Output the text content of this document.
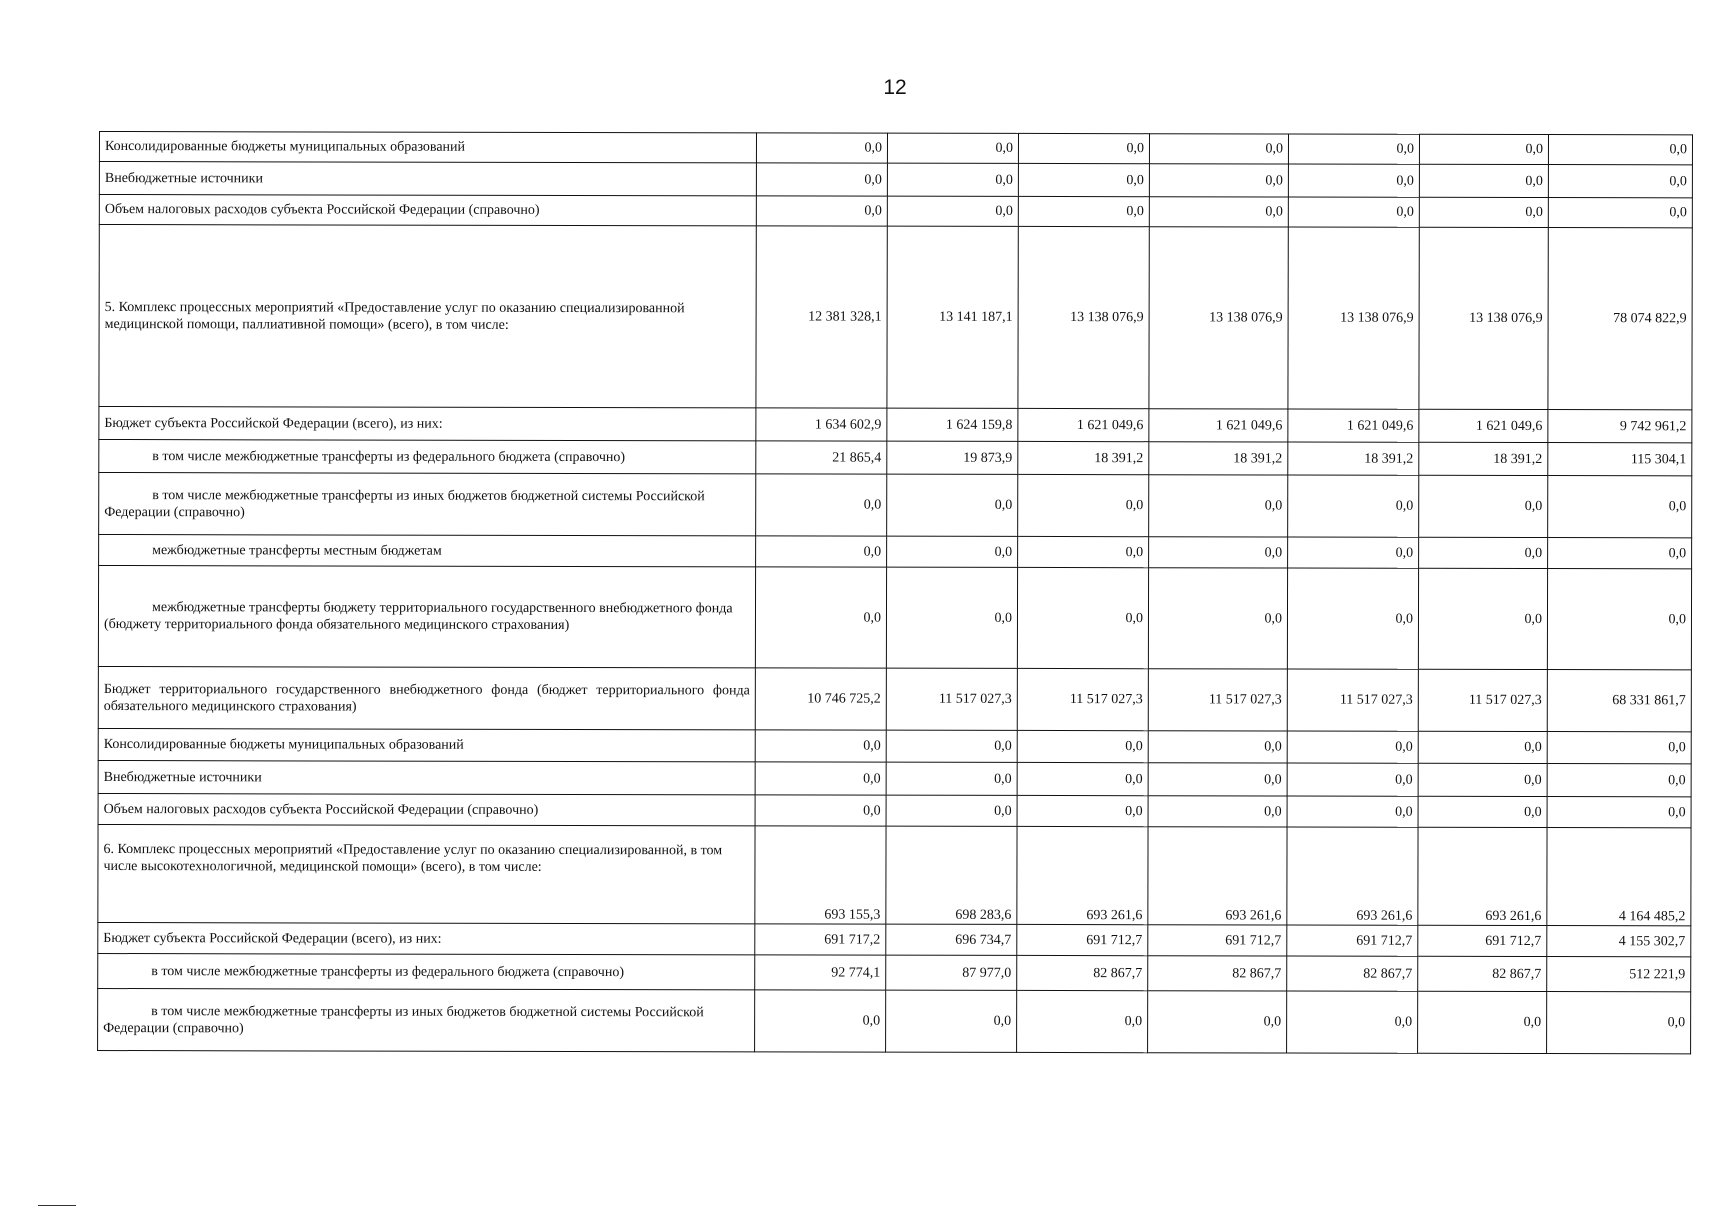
12
Консолидированные бюджеты муниципальных образований	0,0	0,0	0,0	0,0	0,0	0,0	0,0
Внебюджетные источники	0,0	0,0	0,0	0,0	0,0	0,0	0,0
Объем налоговых расходов субъекта Российской Федерации (справочно)	0,0	0,0	0,0	0,0	0,0	0,0	0,0
5. Комплекс процессных мероприятий «Предоставление услуг по оказанию специализированной медицинской помощи, паллиативной помощи» (всего), в том числе:	12 381 328,1	13 141 187,1	13 138 076,9	13 138 076,9	13 138 076,9	13 138 076,9	78 074 822,9
Бюджет субъекта Российской Федерации (всего), из них:	1 634 602,9	1 624 159,8	1 621 049,6	1 621 049,6	1 621 049,6	1 621 049,6	9 742 961,2

в том числе межбюджетные трансферты из федерального бюджета (справочно)	21 865,4	19 873,9	18 391,2	18 391,2	18 391,2	18 391,2	115 304,1

в том числе межбюджетные трансферты из иных бюджетов бюджетной системы Российской Федерации (справочно)	0,0	0,0	0,0	0,0	0,0	0,0	0,0

межбюджетные трансферты местным бюджетам	0,0	0,0	0,0	0,0	0,0	0,0	0,0

межбюджетные трансферты бюджету территориального государственного внебюджетного фонда (бюджету территориального фонда обязательного медицинского страхования)	0,0	0,0	0,0	0,0	0,0	0,0	0,0
Бюджет территориального государственного внебюджетного фонда (бюджет территориального фонда обязательного медицинского страхования)	10 746 725,2	11 517 027,3	11 517 027,3	11 517 027,3	11 517 027,3	11 517 027,3	68 331 861,7
Консолидированные бюджеты муниципальных образований	0,0	0,0	0,0	0,0	0,0	0,0	0,0
Внебюджетные источники	0,0	0,0	0,0	0,0	0,0	0,0	0,0
Объем налоговых расходов субъекта Российской Федерации (справочно)	0,0	0,0	0,0	0,0	0,0	0,0	0,0
6. Комплекс процессных мероприятий «Предоставление услуг по оказанию специализированной, в том числе высокотехнологичной, медицинской помощи» (всего), в том числе:	693 155,3	698 283,6	693 261,6	693 261,6	693 261,6	693 261,6	4 164 485,2
Бюджет субъекта Российской Федерации (всего), из них:	691 717,2	696 734,7	691 712,7	691 712,7	691 712,7	691 712,7	4 155 302,7

в том числе межбюджетные трансферты из федерального бюджета (справочно)	92 774,1	87 977,0	82 867,7	82 867,7	82 867,7	82 867,7	512 221,9

в том числе межбюджетные трансферты из иных бюджетов бюджетной системы Российской Федерации (справочно)	0,0	0,0	0,0	0,0	0,0	0,0	0,0
